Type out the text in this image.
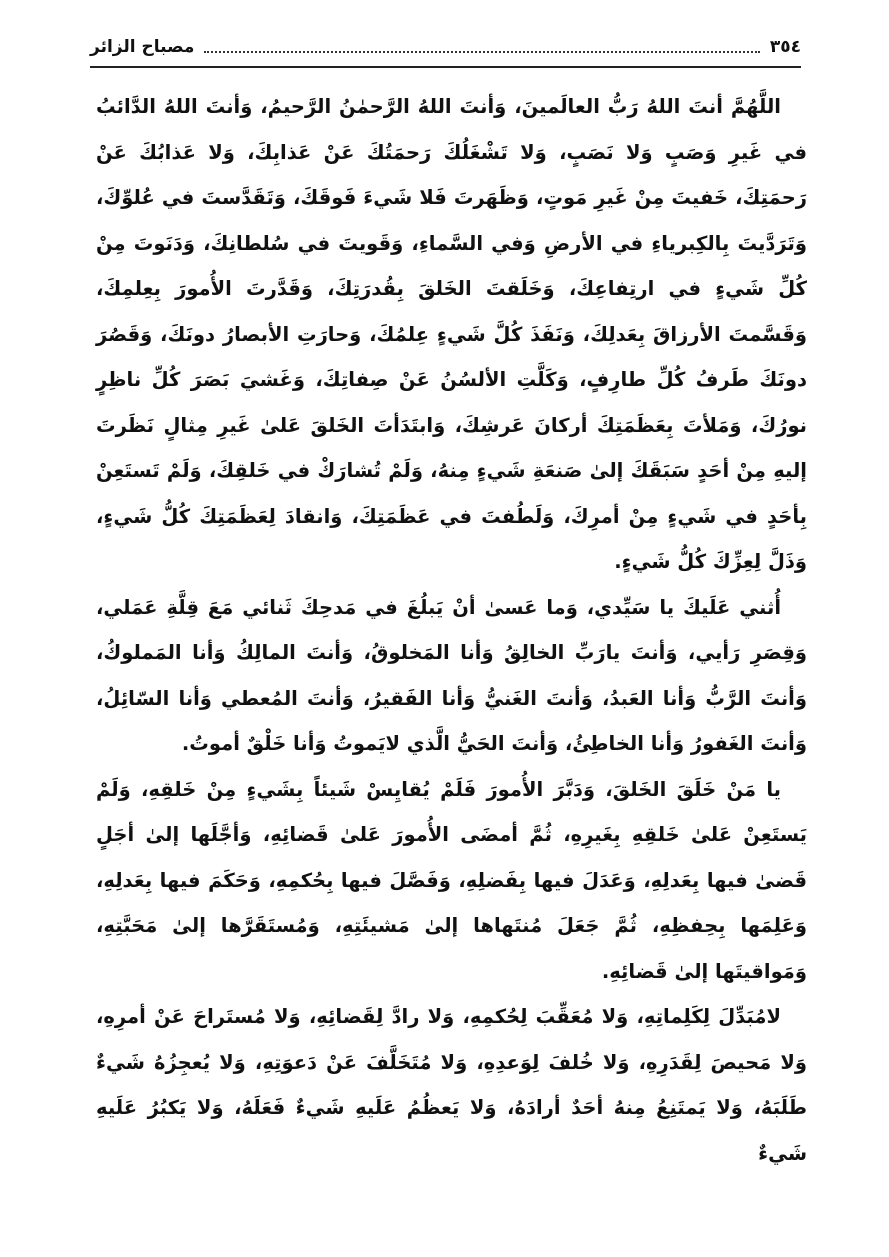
٣٥٤
مصباح الزائر

اللَّهُمَّ أنتَ اللهُ رَبُّ العالَمينَ، وَأنتَ اللهُ الرَّحمٰنُ الرَّحيمُ، وَأنتَ اللهُ الدَّائبُ في غَيرِ وَصَبٍ وَلا نَصَبٍ، وَلا تَشْغَلُكَ رَحمَتُكَ عَنْ عَذابِكَ، وَلا عَذابُكَ عَنْ رَحمَتِكَ، خَفيتَ مِنْ غَيرِ مَوتٍ، وَظَهَرتَ فَلا شَيءَ فَوقَكَ، وَتَقَدَّستَ في عُلوِّكَ، وَتَرَدَّيتَ بِالكِبرياءِ في الأرضِ وَفي السَّماءِ، وَقَويتَ في سُلطانِكَ، وَدَنَوتَ مِنْ كُلِّ شَيءٍ في ارتِفاعِكَ، وَخَلَقتَ الخَلقَ بِقُدرَتِكَ، وَقَدَّرتَ الأُمورَ بِعِلمِكَ، وَقَسَّمتَ الأرزاقَ بِعَدلِكَ، وَنَفَذَ كُلَّ شَيءٍ عِلمُكَ، وَحارَتِ الأبصارُ دونَكَ، وَقَصُرَ دونَكَ طَرفُ كُلِّ طارِفٍ، وَكَلَّتِ الألسُنُ عَنْ صِفاتِكَ، وَغَشيَ بَصَرَ كُلِّ ناظِرٍ نورُكَ، وَمَلأتَ بِعَظَمَتِكَ أركانَ عَرشِكَ، وَابتَدَأتَ الخَلقَ عَلىٰ غَيرِ مِثالٍ نَظَرتَ إليهِ مِنْ أحَدٍ سَبَقَكَ إلىٰ صَنعَةِ شَيءٍ مِنهُ، وَلَمْ تُشارَكْ في خَلقِكَ، وَلَمْ تَستَعِنْ بِأحَدٍ في شَيءٍ مِنْ أمرِكَ، وَلَطُفتَ في عَظَمَتِكَ، وَانقادَ لِعَظَمَتِكَ كُلُّ شَيءٍ، وَذَلَّ لِعِزِّكَ كُلُّ شَيءٍ.

أُثني عَلَيكَ يا سَيِّدي، وَما عَسىٰ أنْ يَبلُغَ في مَدحِكَ ثَنائي مَعَ قِلَّةِ عَمَلي، وَقِصَرِ رَأيي، وَأنتَ يارَبِّ الخالِقُ وَأنا المَخلوقُ، وَأنتَ المالِكُ وَأنا المَملوكُ، وَأنتَ الرَّبُّ وَأنا العَبدُ، وَأنتَ الغَنيُّ وَأنا الفَقيرُ، وَأنتَ المُعطي وَأنا السّائِلُ، وَأنتَ الغَفورُ وَأنا الخاطِئُ، وَأنتَ الحَيُّ الَّذي لايَموتُ وَأنا خَلْقٌ أموتُ.

يا مَنْ خَلَقَ الخَلقَ، وَدَبَّرَ الأُمورَ فَلَمْ يُقايِسْ شَيئاً بِشَيءٍ مِنْ خَلقِهِ، وَلَمْ يَستَعِنْ عَلىٰ خَلقِهِ بِغَيرِهِ، ثُمَّ أمضَى الأُمورَ عَلىٰ قَضائِهِ، وَأجَّلَها إلىٰ أجَلٍ قَضىٰ فيها بِعَدلِهِ، وَعَدَلَ فيها بِفَضلِهِ، وَفَصَّلَ فيها بِحُكمِهِ، وَحَكَمَ فيها بِعَدلِهِ، وَعَلِمَها بِحِفظِهِ، ثُمَّ جَعَلَ مُنتَهاها إلىٰ مَشيئَتِهِ، وَمُستَقَرَّها إلىٰ مَحَبَّتِهِ، وَمَواقيتَها إلىٰ قَضائِهِ.

لامُبَدِّلَ لِكَلِماتِهِ، وَلا مُعَقِّبَ لِحُكمِهِ، وَلا رادَّ لِقَضائِهِ، وَلا مُستَراحَ عَنْ أمرِهِ، وَلا مَحيصَ لِقَدَرِهِ، وَلا خُلفَ لِوَعدِهِ، وَلا مُتَخَلَّفَ عَنْ دَعوَتِهِ، وَلا يُعجِزُهُ شَيءٌ طَلَبَهُ، وَلا يَمتَنِعُ مِنهُ أحَدٌ أرادَهُ، وَلا يَعظُمُ عَلَيهِ شَيءٌ فَعَلَهُ، وَلا يَكبُرُ عَلَيهِ شَيءٌ
